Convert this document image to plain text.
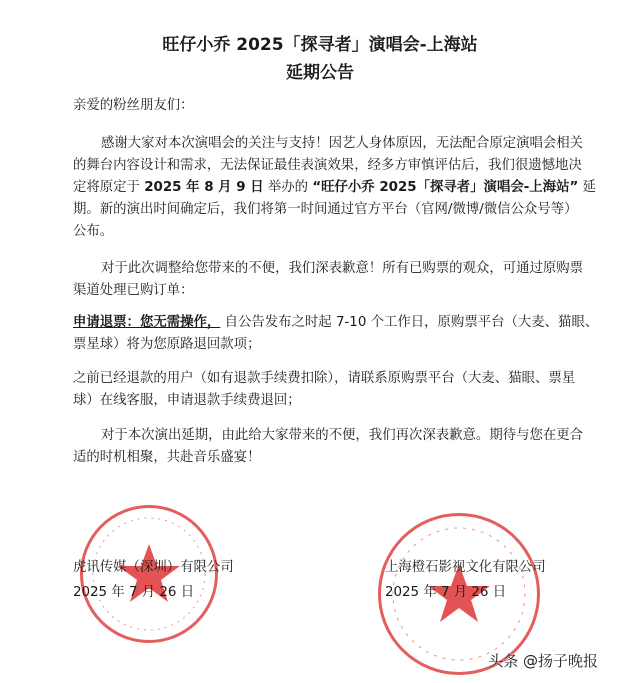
旺仔小乔 2025「探寻者」演唱会-上海站
延期公告
亲爱的粉丝朋友们：
感谢大家对本次演唱会的关注与支持！因艺人身体原因，无法配合原定演唱会相关
的舞台内容设计和需求，无法保证最佳表演效果，经多方审慎评估后，我们很遗憾地决
定将原定于 2025 年 8 月 9 日 举办的 “旺仔小乔 2025「探寻者」演唱会-上海站” 延
期。新的演出时间确定后，我们将第一时间通过官方平台（官网/微博/微信公众号等）
公布。
对于此次调整给您带来的不便，我们深表歉意！所有已购票的观众，可通过原购票
渠道处理已购订单：
申请退票：您无需操作， 自公告发布之时起 7-10 个工作日，原购票平台（大麦、猫眼、
票星球）将为您原路退回款项；
之前已经退款的用户（如有退款手续费扣除），请联系原购票平台（大麦、猫眼、票星
球）在线客服，申请退款手续费退回；
对于本次演出延期，由此给大家带来的不便，我们再次深表歉意。期待与您在更合
适的时机相聚，共赴音乐盛宴！
虎讯传媒（深圳）有限公司
2025 年 7 月 26 日
上海橙石影视文化有限公司
2025 年 7 月 26 日
头条 @扬子晚报
